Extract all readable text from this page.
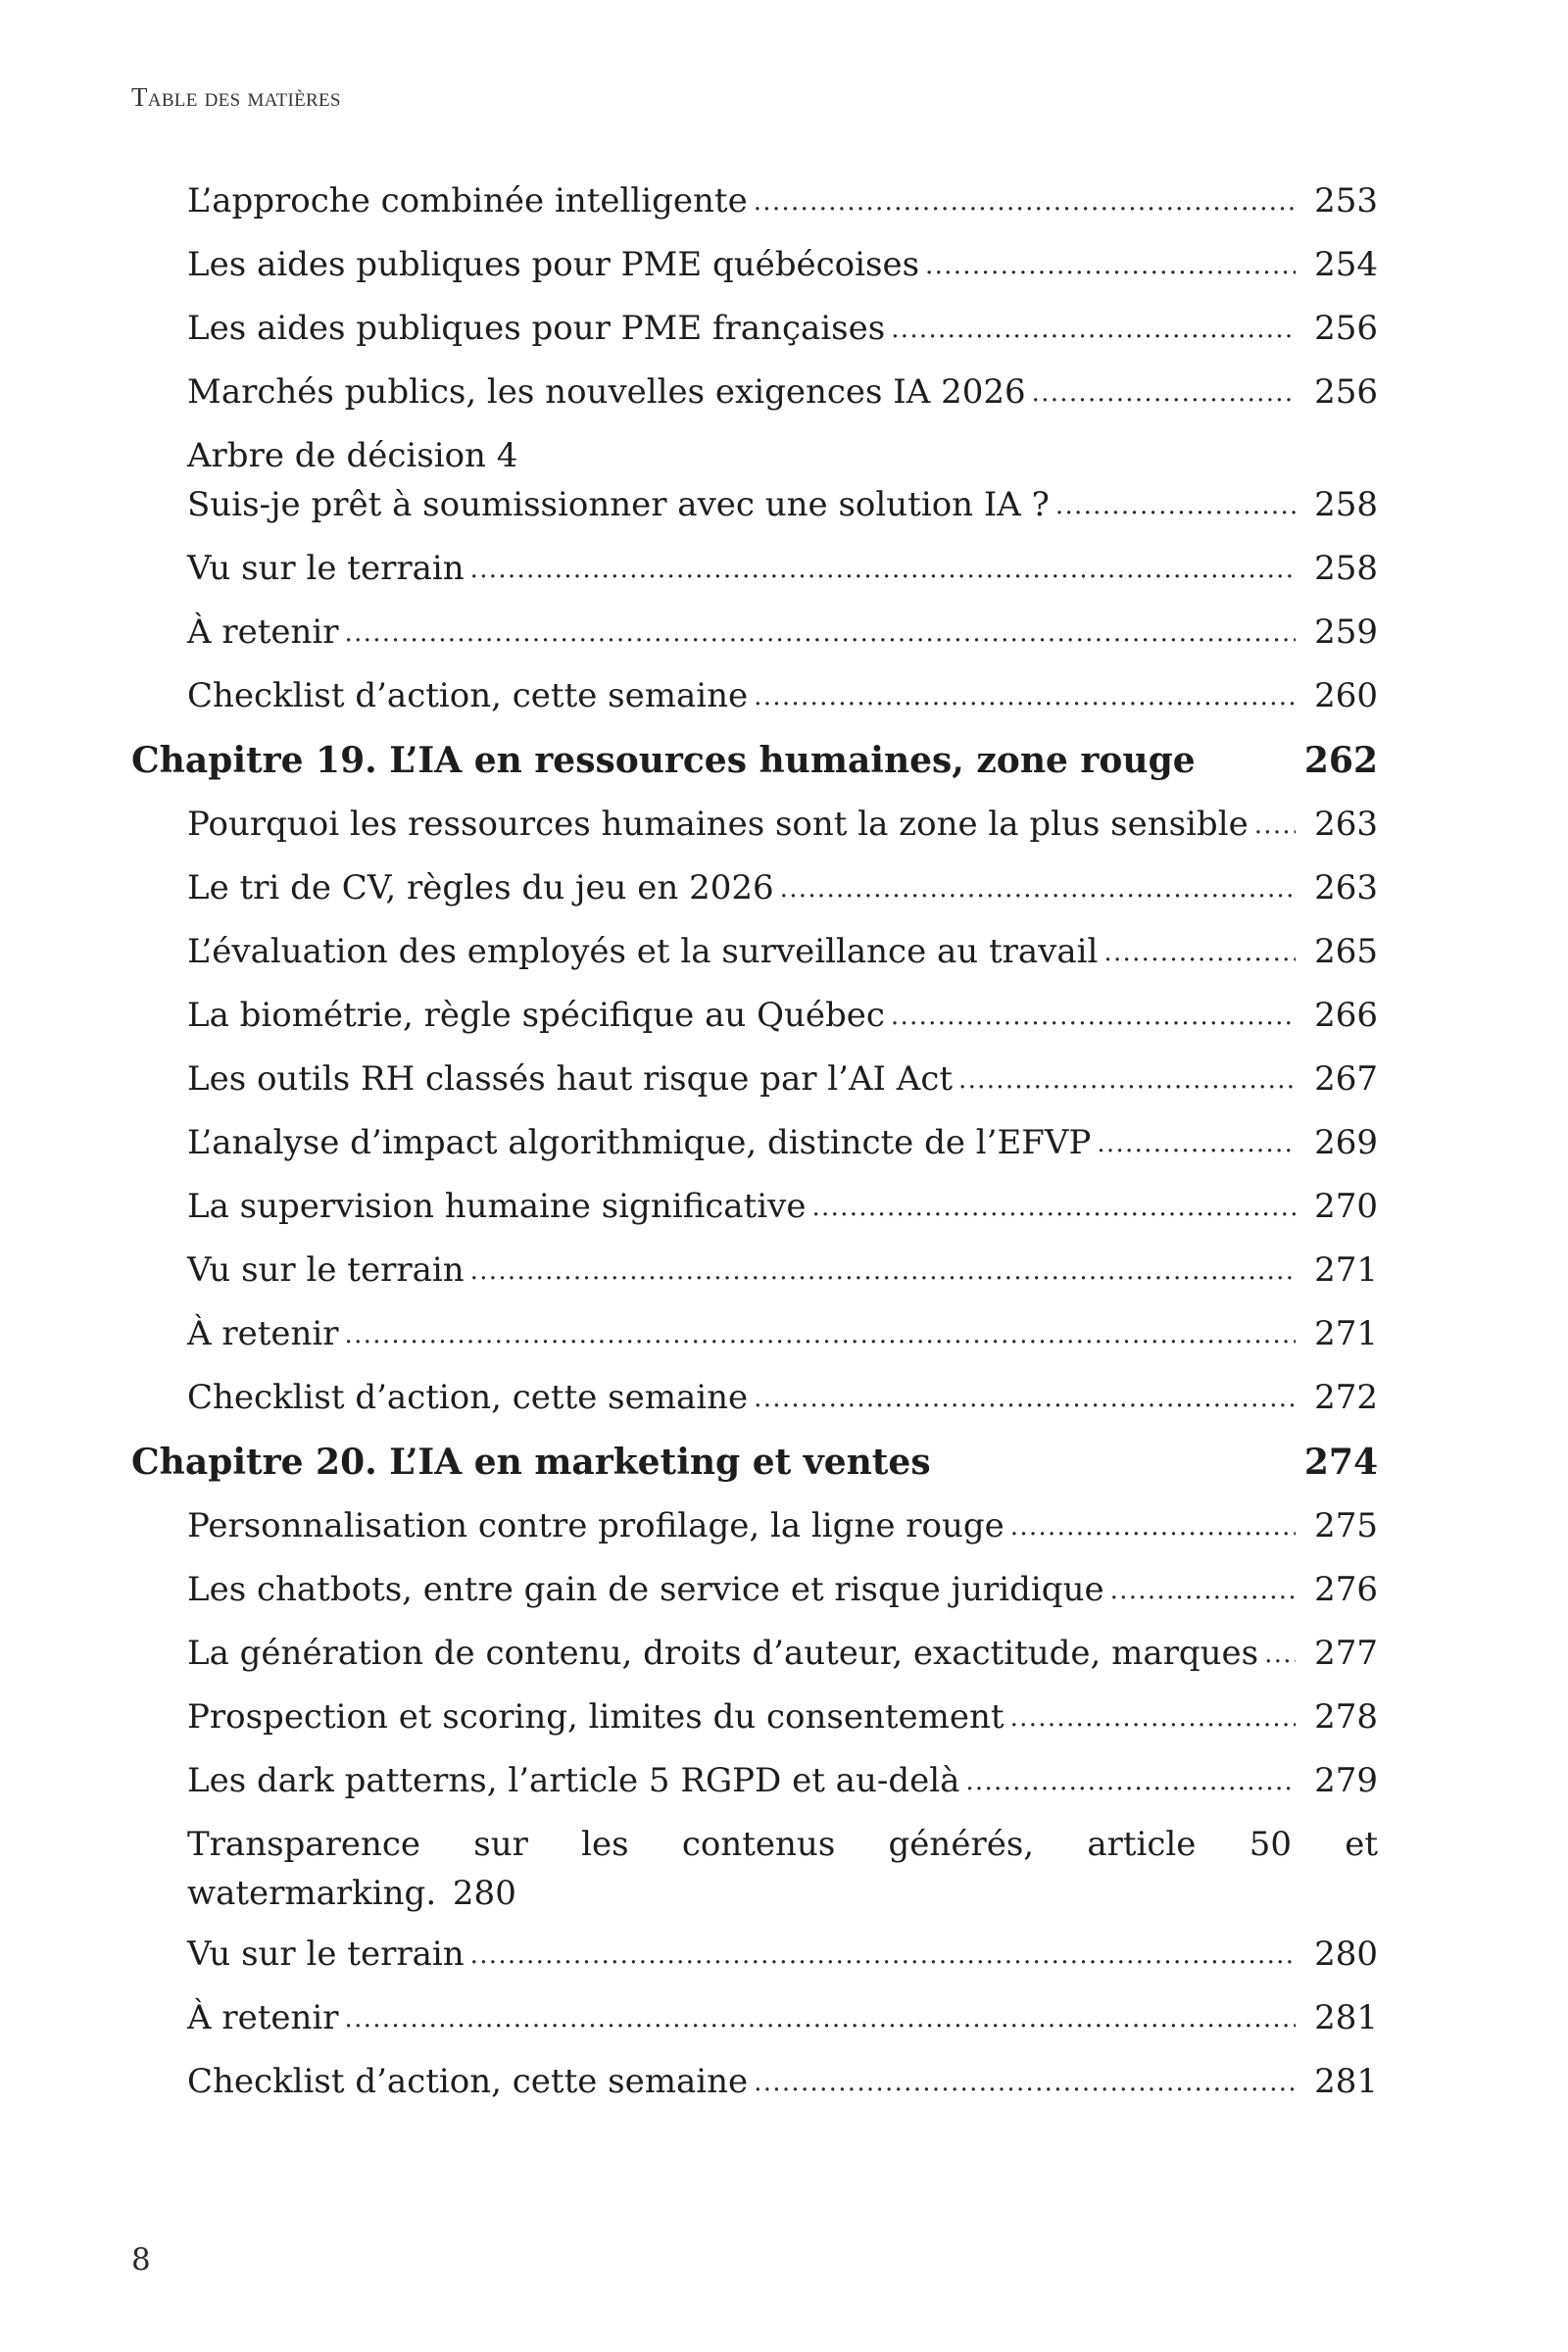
Table des matières
L’approche combinée intelligente .....	253
Les aides publiques pour PME québécoises .....	254
Les aides publiques pour PME françaises .....	256
Marchés publics, les nouvelles exigences IA 2026 .....	256
Arbre de décision 4
Suis-je prêt à soumissionner avec une solution IA ? .....	258
Vu sur le terrain .....	258
À retenir .....	259
Checklist d’action, cette semaine .....	260
Chapitre 19. L’IA en ressources humaines, zone rouge	262
Pourquoi les ressources humaines sont la zone la plus sensible ..... 263
Le tri de CV, règles du jeu en 2026 .....	263
L’évaluation des employés et la surveillance au travail .....	265
La biométrie, règle spécifique au Québec .....	266
Les outils RH classés haut risque par l’AI Act .....	267
L’analyse d’impact algorithmique, distincte de l’EFVP .....	269
La supervision humaine significative .....	270
Vu sur le terrain .....	271
À retenir .....	271
Checklist d’action, cette semaine .....	272
Chapitre 20. L’IA en marketing et ventes	274
Personnalisation contre profilage, la ligne rouge .....	275
Les chatbots, entre gain de service et risque juridique .....	276
La génération de contenu, droits d’auteur, exactitude, marques ..... 277
Prospection et scoring, limites du consentement .....	278
Les dark patterns, l’article 5 RGPD et au-delà .....	279
Transparence sur les contenus générés, article 50 et watermarking. 280
Vu sur le terrain .....	280
À retenir .....	281
Checklist d’action, cette semaine .....	281
8
